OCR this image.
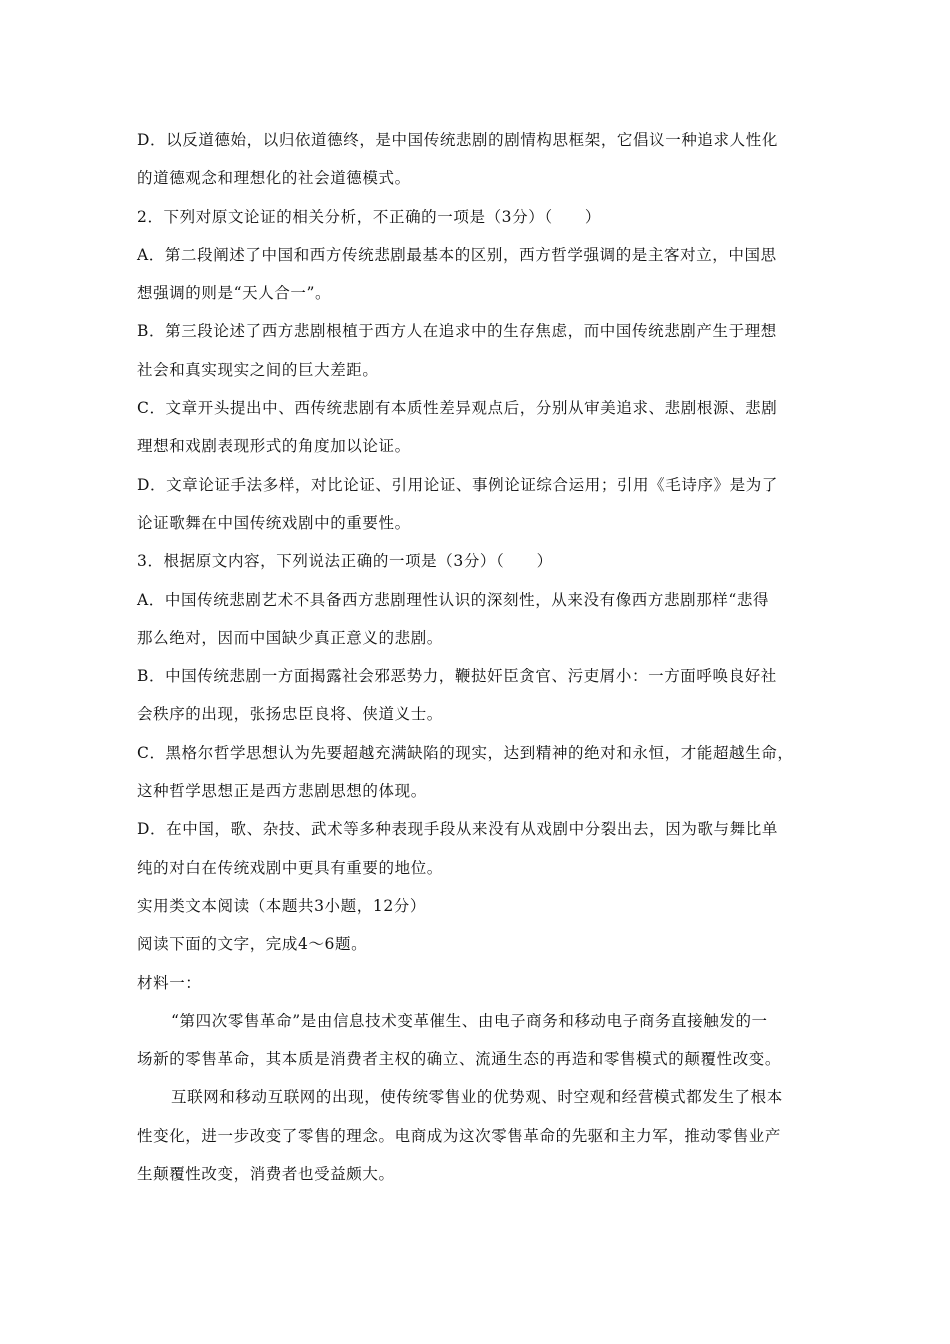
D．以反道德始，以归依道德终，是中国传统悲剧的剧情构思框架，它倡议一种追求人性化
的道德观念和理想化的社会道德模式。
2．下列对原文论证的相关分析，不正确的一项是（3分）（　　）
A．第二段阐述了中国和西方传统悲剧最基本的区别，西方哲学强调的是主客对立，中国思
想强调的则是“天人合一”。
B．第三段论述了西方悲剧根植于西方人在追求中的生存焦虑，而中国传统悲剧产生于理想
社会和真实现实之间的巨大差距。
C．文章开头提出中、西传统悲剧有本质性差异观点后，分别从审美追求、悲剧根源、悲剧
理想和戏剧表现形式的角度加以论证。
D．文章论证手法多样，对比论证、引用论证、事例论证综合运用；引用《毛诗序》是为了
论证歌舞在中国传统戏剧中的重要性。
3．根据原文内容，下列说法正确的一项是（3分）（　　）
A．中国传统悲剧艺术不具备西方悲剧理性认识的深刻性，从来没有像西方悲剧那样“悲得
那么绝对，因而中国缺少真正意义的悲剧。
B．中国传统悲剧一方面揭露社会邪恶势力，鞭挞奸臣贪官、污吏屑小：一方面呼唤良好社
会秩序的出现，张扬忠臣良将、侠道义士。
C．黑格尔哲学思想认为先要超越充满缺陷的现实，达到精神的绝对和永恒，才能超越生命，
这种哲学思想正是西方悲剧思想的体现。
D．在中国，歌、杂技、武术等多种表现手段从来没有从戏剧中分裂出去，因为歌与舞比单
纯的对白在传统戏剧中更具有重要的地位。
实用类文本阅读（本题共3小题，12分）
阅读下面的文字，完成4～6题。
材料一：
“第四次零售革命”是由信息技术变革催生、由电子商务和移动电子商务直接触发的一
场新的零售革命，其本质是消费者主权的确立、流通生态的再造和零售模式的颠覆性改变。
互联网和移动互联网的出现，使传统零售业的优势观、时空观和经营模式都发生了根本
性变化，进一步改变了零售的理念。电商成为这次零售革命的先驱和主力军，推动零售业产
生颠覆性改变，消费者也受益颇大。
